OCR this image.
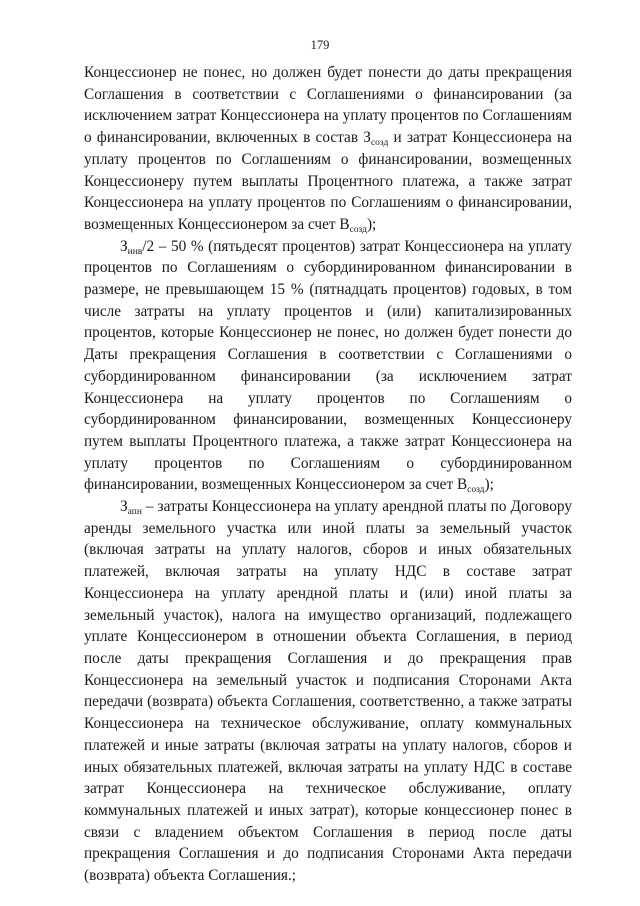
179

Концессионер не понес, но должен будет понести до даты прекращения Соглашения в соответствии с Соглашениями о финансировании (за исключением затрат Концессионера на уплату процентов по Соглашениям о финансировании, включенных в состав $З_{созд}$ и затрат Концессионера на уплату процентов по Соглашениям о финансировании, возмещенных Концессионеру путем выплаты Процентного платежа, а также затрат Концессионера на уплату процентов по Соглашениям о финансировании, возмещенных Концессионером за счет $В_{созд}$);

$З_{инв}/2 - 50$ % (пятьдесят процентов) затрат Концессионера на уплату процентов по Соглашениям о субординированном финансировании в размере, не превышающем 15 % (пятнадцать процентов) годовых, в том числе затраты на уплату процентов и (или) капитализированных процентов, которые Концессионер не понес, но должен будет понести до Даты прекращения Соглашения в соответствии с Соглашениями о субординированном финансировании (за исключением затрат Концессионера на уплату процентов по Соглашениям о субординированном финансировании, возмещенных Концессионеру путем выплаты Процентного платежа, а также затрат Концессионера на уплату процентов по Соглашениям о субординированном финансировании, возмещенных Концессионером за счет $В_{созд}$);

$З_{апн}$ – затраты Концессионера на уплату арендной платы по Договору аренды земельного участка или иной платы за земельный участок (включая затраты на уплату налогов, сборов и иных обязательных платежей, включая затраты на уплату НДС в составе затрат Концессионера на уплату арендной платы и (или) иной платы за земельный участок), налога на имущество организаций, подлежащего уплате Концессионером в отношении объекта Соглашения, в период после даты прекращения Соглашения и до прекращения прав Концессионера на земельный участок и подписания Сторонами Акта передачи (возврата) объекта Соглашения, соответственно, а также затраты Концессионера на техническое обслуживание, оплату коммунальных платежей и иные затраты (включая затраты на уплату налогов, сборов и иных обязательных платежей, включая затраты на уплату НДС в составе затрат Концессионера на техническое обслуживание, оплату коммунальных платежей и иных затрат), которые концессионер понес в связи с владением объектом Соглашения в период после даты прекращения Соглашения и до подписания Сторонами Акта передачи (возврата) объекта Соглашения.;
